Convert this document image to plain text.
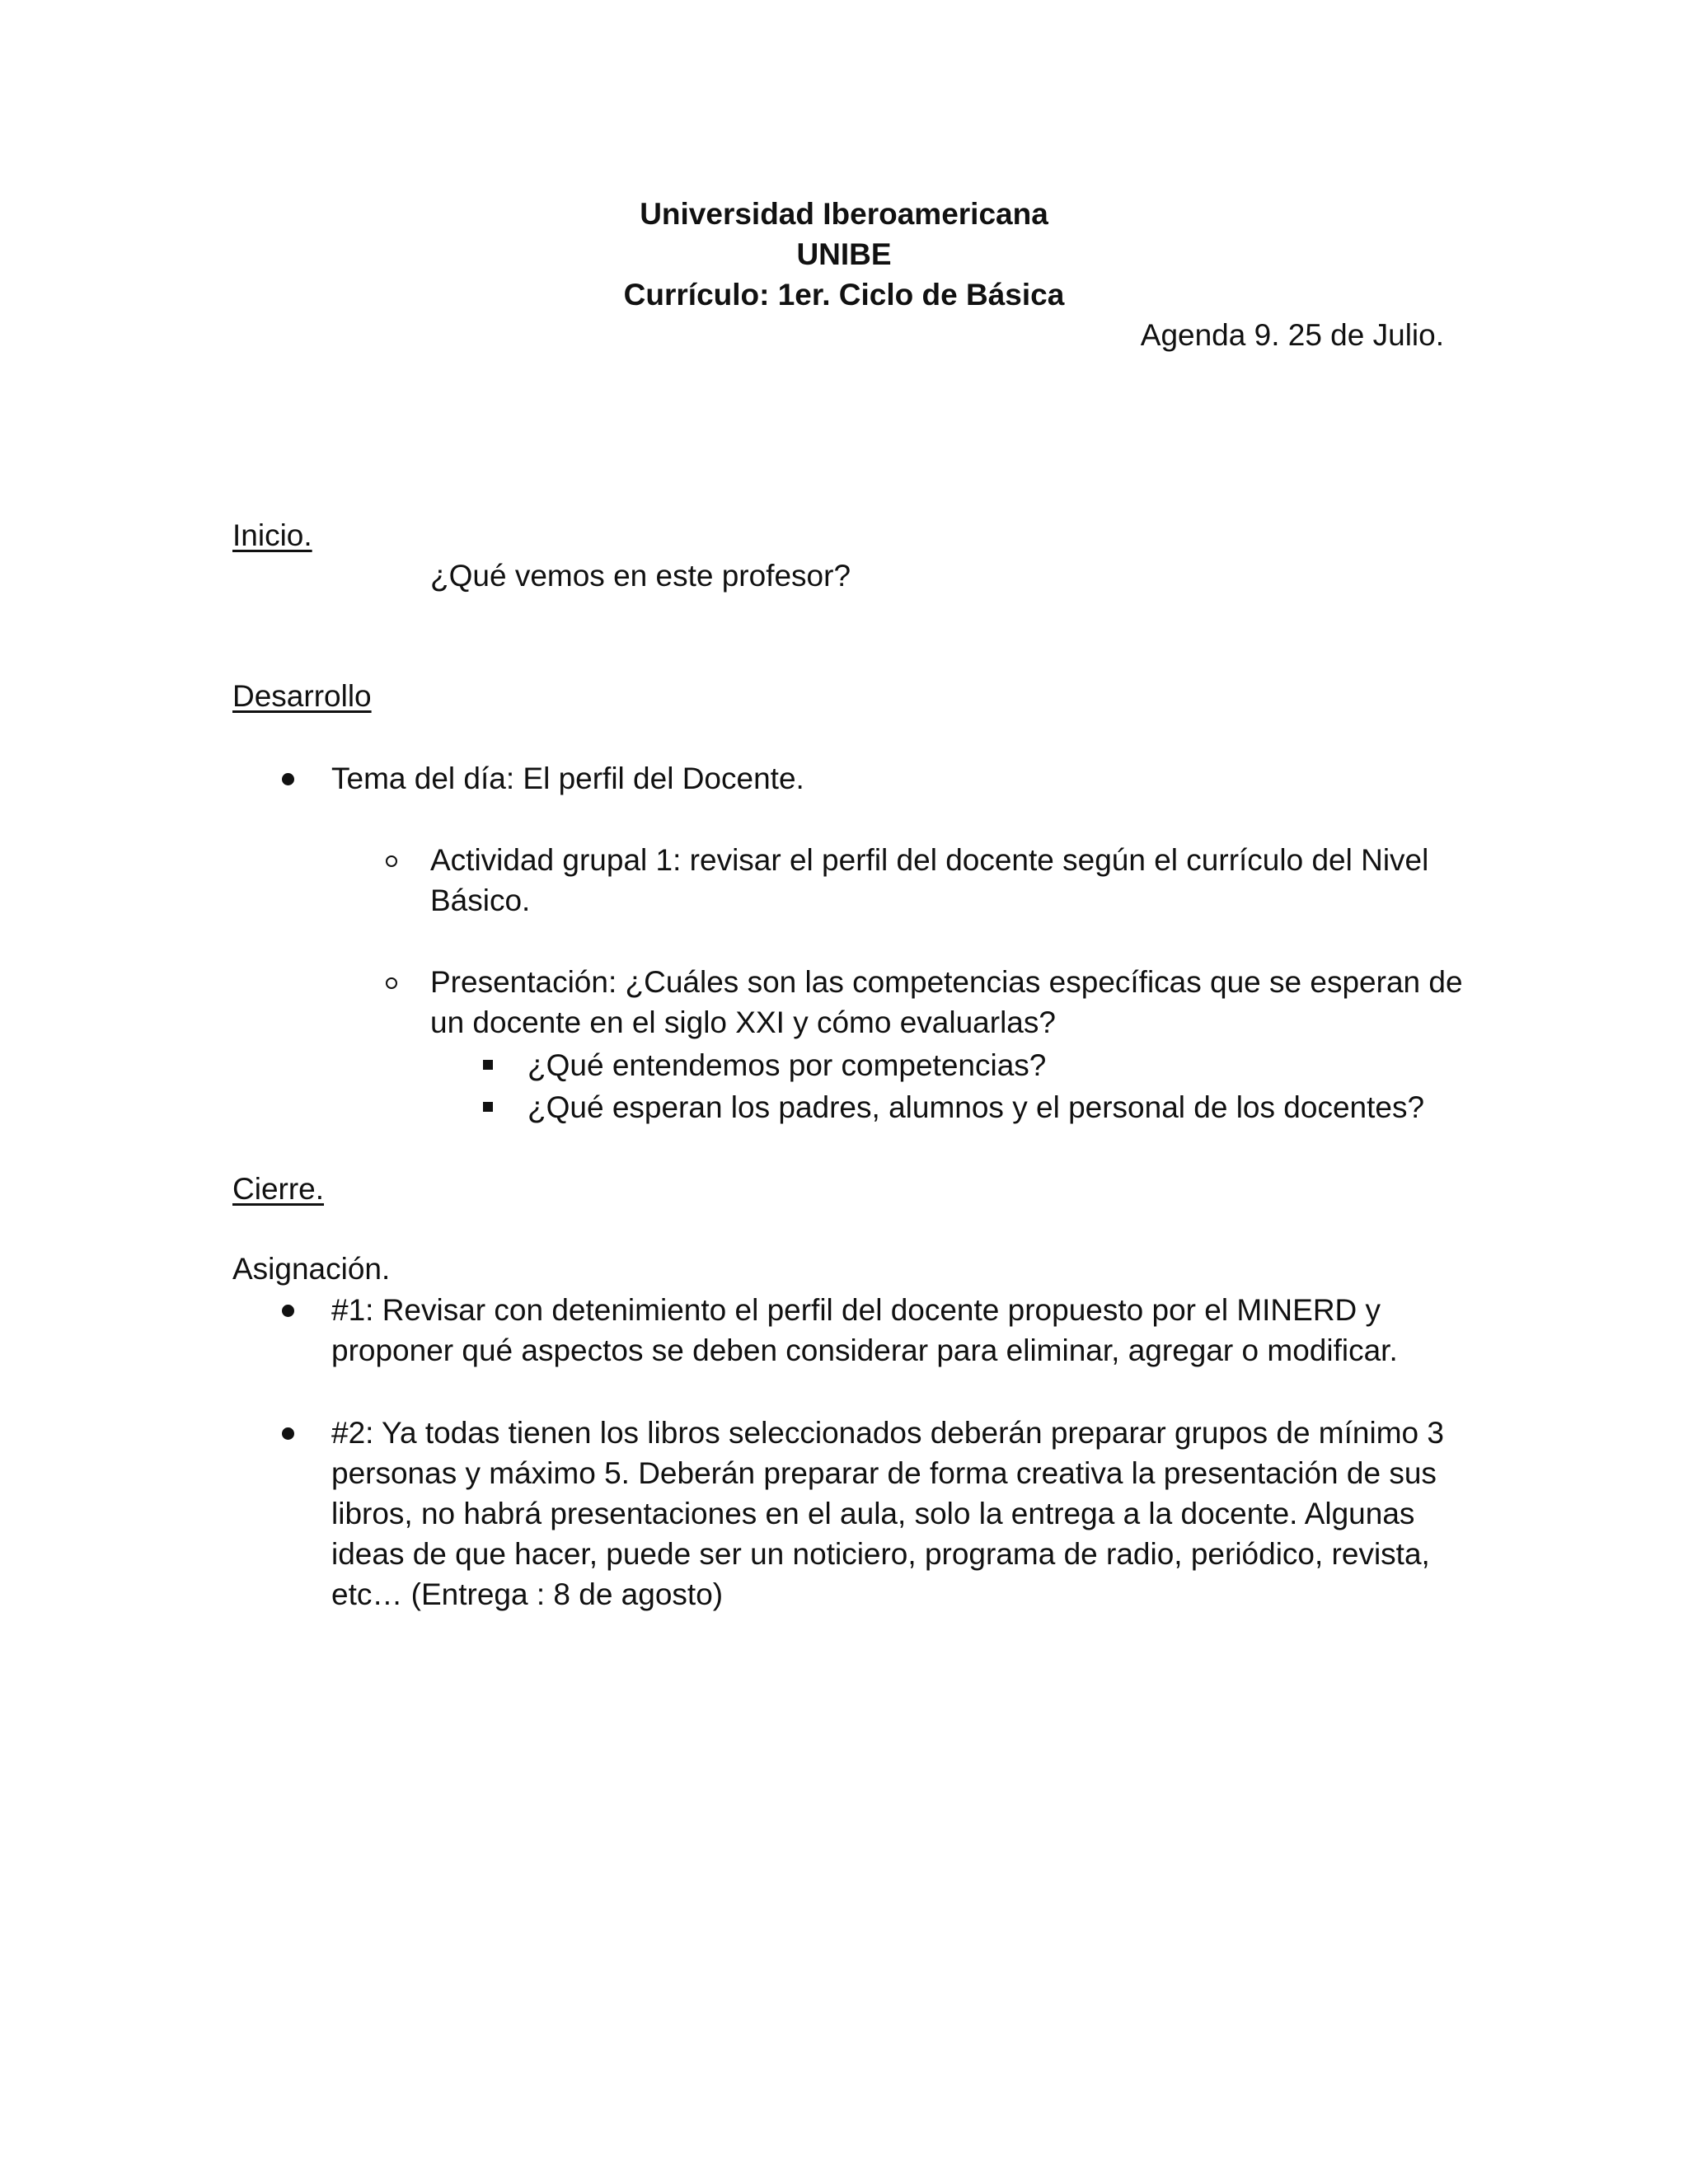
Universidad Iberoamericana
UNIBE
Currículo: 1er. Ciclo de Básica
Agenda 9. 25 de Julio.
Inicio.
¿Qué vemos en este profesor?
Desarrollo
Tema del día: El perfil del Docente.
Actividad grupal 1: revisar el perfil del docente según el currículo del Nivel
Básico.
Presentación: ¿Cuáles son las competencias específicas que se esperan de
un docente en el siglo XXI y cómo evaluarlas?
¿Qué entendemos por competencias?
¿Qué esperan los padres, alumnos y el personal de los docentes?
Cierre.
Asignación.
#1: Revisar con detenimiento el perfil del docente propuesto por el MINERD y
proponer qué aspectos se deben considerar para eliminar, agregar o modificar.
#2: Ya todas tienen los libros seleccionados deberán preparar grupos de mínimo 3
personas y máximo 5. Deberán preparar de forma creativa la presentación de sus
libros, no habrá presentaciones en el aula, solo la entrega a la docente. Algunas
ideas de que hacer, puede ser un noticiero, programa de radio, periódico, revista,
etc… (Entrega : 8 de agosto)
